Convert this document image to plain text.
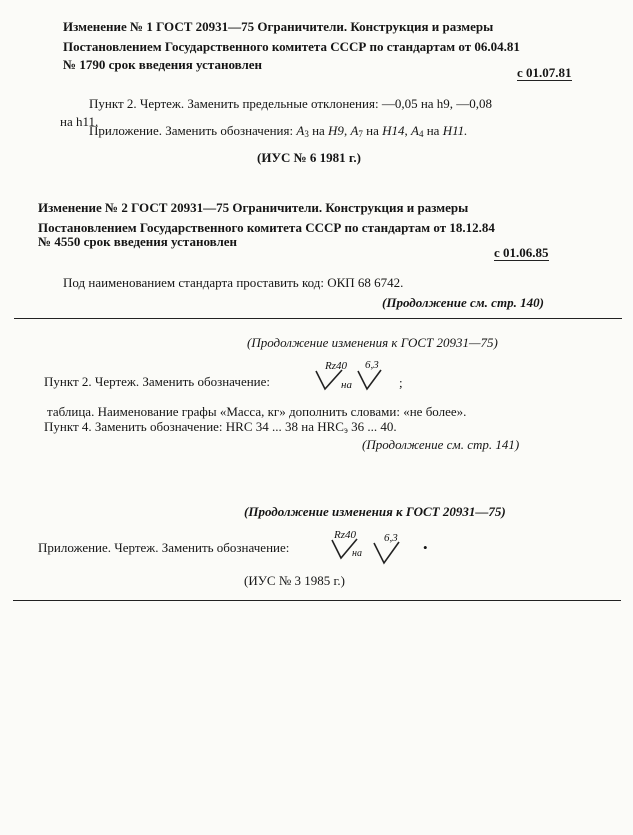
Изменение № 1 ГОСТ 20931—75 Ограничители. Конструкция и размеры
Постановлением Государственного комитета СССР по стандартам от 06.04.81
№ 1790 срок введения установлен
с 01.07.81
Пункт 2. Чертеж. Заменить предельные отклонения: —0,05 на h9, —0,08
на h11.
Приложение. Заменить обозначения: $A_3$ на H9, $A_7$ на H14, $A_4$ на H11.
(ИУС № 6 1981 г.)
Изменение № 2 ГОСТ 20931—75 Ограничители. Конструкция и размеры
Постановлением Государственного комитета СССР по стандартам от 18.12.84
№ 4550 срок введения установлен
с 01.06.85
Под наименованием стандарта проставить код: ОКП 68 6742.
(Продолжение см. стр. 140)
(Продолжение изменения к ГОСТ 20931—75)
Пункт 2. Чертеж. Заменить обозначение:
Rz40 6,3
на	;
таблица. Наименование графы «Масса, кг» дополнить словами: «не более».
Пункт 4. Заменить обозначение: HRC 34 ... 38 на $HRC_э$ 36 ... 40.
(Продолжение см. стр. 141)
(Продолжение изменения к ГОСТ 20931—75)
Приложение. Чертеж. Заменить обозначение:
Rz40	6,3
на	•
(ИУС № 3 1985 г.)
